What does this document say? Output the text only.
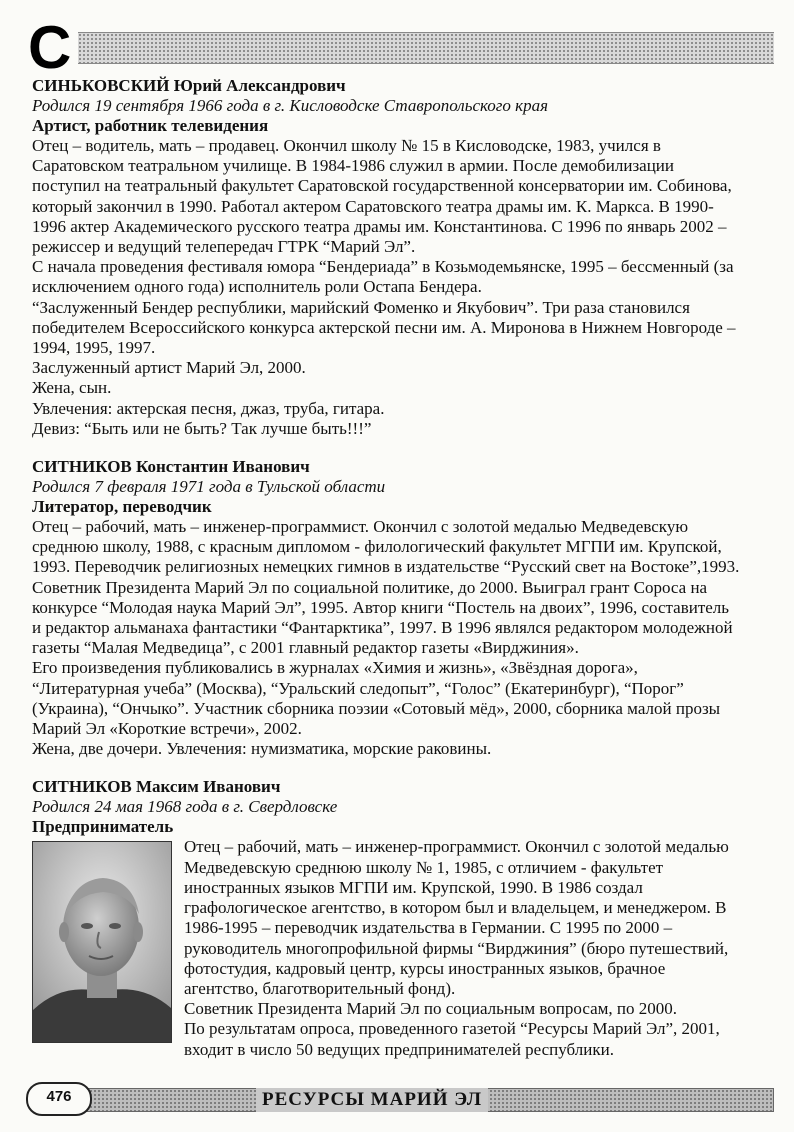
С
СИНЬКОВСКИЙ Юрий Александрович
Родился 19 сентября 1966 года в г. Кисловодске Ставропольского края
Артист, работник телевидения

Отец – водитель, мать – продавец. Окончил школу № 15 в Кисловодске, 1983, учился в Саратовском театральном училище. В 1984-1986 служил в армии. После демобилизации поступил на театральный факультет Саратовской государственной консерватории им. Собинова, который закончил в 1990. Работал актером Саратовского театра драмы им. К. Маркса. В 1990-1996 актер Академического русского театра драмы им. Константинова. С 1996 по январь 2002 – режиссер и ведущий телепередач ГТРК “Марий Эл”.

С начала проведения фестиваля юмора “Бендериада” в Козьмодемьянске, 1995 – бессменный (за исключением одного года) исполнитель роли Остапа Бендера.

“Заслуженный Бендер республики, марийский Фоменко и Якубович”. Три раза становился победителем Всероссийского конкурса актерской песни им. А. Миронова в Нижнем Новгороде – 1994, 1995, 1997.

Заслуженный артист Марий Эл, 2000.

Жена, сын.

Увлечения: актерская песня, джаз, труба, гитара.

Девиз: “Быть или не быть? Так лучше быть!!!”

СИТНИКОВ Константин Иванович
Родился 7 февраля 1971 года в Тульской области
Литератор, переводчик

Отец – рабочий, мать – инженер-программист. Окончил с золотой медалью Медведевскую среднюю школу, 1988, с красным дипломом - филологический факультет МГПИ им. Крупской, 1993. Переводчик религиозных немецких гимнов в издательстве “Русский свет на Востоке”,1993. Советник Президента Марий Эл по социальной политике, до 2000. Выиграл грант Сороса на конкурсе “Молодая наука Марий Эл”, 1995. Автор книги “Постель на двоих”, 1996, составитель и редактор альманаха фантастики “Фантарктика”, 1997. В 1996 являлся редактором молодежной газеты “Малая Медведица”, с 2001 главный редактор газеты «Вирджиния».

Его произведения публиковались в журналах «Химия и жизнь», «Звёздная дорога», “Литературная учеба” (Москва), “Уральский следопыт”, “Голос” (Екатеринбург), “Порог” (Украина), “Ончыко”. Участник сборника поэзии «Сотовый мёд», 2000, сборника малой прозы Марий Эл «Короткие встречи», 2002.

Жена, две дочери. Увлечения: нумизматика, морские раковины.

СИТНИКОВ Максим Иванович
Родился 24 мая 1968 года в г. Свердловске
Предприниматель

Отец – рабочий, мать – инженер-программист. Окончил с золотой медалью Медведевскую среднюю школу № 1, 1985, с отличием - факультет иностранных языков МГПИ им. Крупской, 1990. В 1986 создал графологическое агентство, в котором был и владельцем, и менеджером. В 1986-1995 – переводчик издательства в Германии. С 1995 по 2000 – руководитель многопрофильной фирмы “Вирджиния” (бюро путешествий, фотостудия, кадровый центр, курсы иностранных языков, брачное агентство, благотворительный фонд).

Советник Президента Марий Эл по социальным вопросам, по 2000.

По результатам опроса, проведенного газетой “Ресурсы Марий Эл”, 2001, входит в число 50 ведущих предпринимателей республики.

РЕСУРСЫ МАРИЙ ЭЛ
476
